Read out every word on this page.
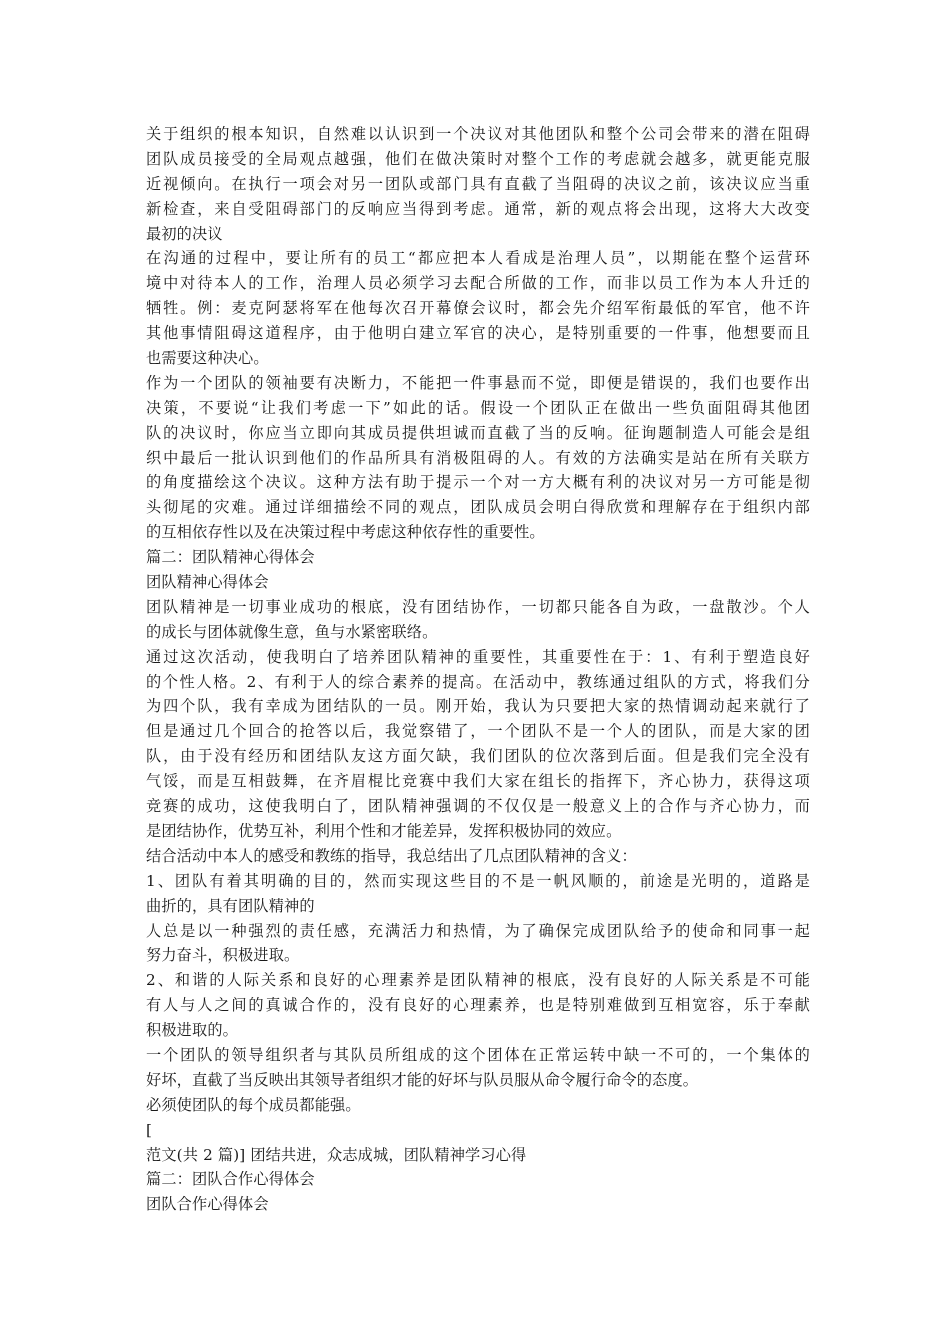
关于组织的根本知识，自然难以认识到一个决议对其他团队和整个公司会带来的潜在阻碍
团队成员接受的全局观点越强，他们在做决策时对整个工作的考虑就会越多，就更能克服
近视倾向。在执行一项会对另一团队或部门具有直截了当阻碍的决议之前，该决议应当重
新检查，来自受阻碍部门的反响应当得到考虑。通常，新的观点将会出现，这将大大改变
最初的决议
在沟通的过程中，要让所有的员工“都应把本人看成是治理人员”，以期能在整个运营环
境中对待本人的工作，治理人员必须学习去配合所做的工作，而非以员工作为本人升迁的
牺牲。例：麦克阿瑟将军在他每次召开幕僚会议时，都会先介绍军衔最低的军官，他不许
其他事情阻碍这道程序，由于他明白建立军官的决心，是特别重要的一件事，他想要而且
也需要这种决心。
作为一个团队的领袖要有决断力，不能把一件事悬而不觉，即便是错误的，我们也要作出
决策，不要说“让我们考虑一下”如此的话。假设一个团队正在做出一些负面阻碍其他团
队的决议时，你应当立即向其成员提供坦诚而直截了当的反响。征询题制造人可能会是组
织中最后一批认识到他们的作品所具有消极阻碍的人。有效的方法确实是站在所有关联方
的角度描绘这个决议。这种方法有助于提示一个对一方大概有利的决议对另一方可能是彻
头彻尾的灾难。通过详细描绘不同的观点，团队成员会明白得欣赏和理解存在于组织内部
的互相依存性以及在决策过程中考虑这种依存性的重要性。
篇二：团队精神心得体会
团队精神心得体会
团队精神是一切事业成功的根底，没有团结协作，一切都只能各自为政，一盘散沙。个人
的成长与团体就像生意，鱼与水紧密联络。
通过这次活动，使我明白了培养团队精神的重要性，其重要性在于：1、有利于塑造良好
的个性人格。2、有利于人的综合素养的提高。在活动中，教练通过组队的方式，将我们分
为四个队，我有幸成为团结队的一员。刚开始，我认为只要把大家的热情调动起来就行了
但是通过几个回合的抢答以后，我觉察错了，一个团队不是一个人的团队，而是大家的团
队，由于没有经历和团结队友这方面欠缺，我们团队的位次落到后面。但是我们完全没有
气馁，而是互相鼓舞，在齐眉棍比竞赛中我们大家在组长的指挥下，齐心协力，获得这项
竞赛的成功，这使我明白了，团队精神强调的不仅仅是一般意义上的合作与齐心协力，而
是团结协作，优势互补，利用个性和才能差异，发挥积极协同的效应。
结合活动中本人的感受和教练的指导，我总结出了几点团队精神的含义：
1、团队有着其明确的目的，然而实现这些目的不是一帆风顺的，前途是光明的，道路是
曲折的，具有团队精神的
人总是以一种强烈的责任感，充满活力和热情，为了确保完成团队给予的使命和同事一起
努力奋斗，积极进取。
2、和谐的人际关系和良好的心理素养是团队精神的根底，没有良好的人际关系是不可能
有人与人之间的真诚合作的，没有良好的心理素养，也是特别难做到互相宽容，乐于奉献
积极进取的。
一个团队的领导组织者与其队员所组成的这个团体在正常运转中缺一不可的，一个集体的
好坏，直截了当反映出其领导者组织才能的好坏与队员服从命令履行命令的态度。
必须使团队的每个成员都能强。
[
范文(共 2 篇)] 团结共进，众志成城，团队精神学习心得
篇二：团队合作心得体会
团队合作心得体会
